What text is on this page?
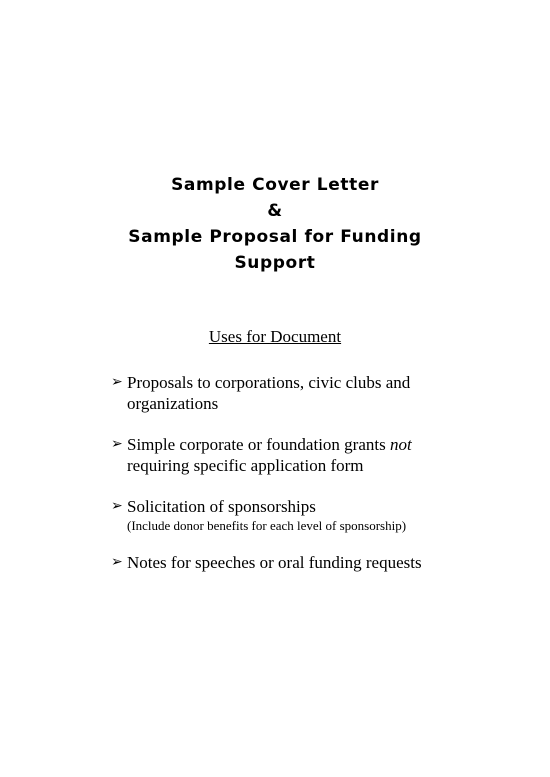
Sample Cover Letter
&
Sample Proposal for Funding
Support
Uses for Document
➢ Proposals to corporations, civic clubs and
organizations
➢ Simple corporate or foundation grants not
requiring specific application form
➢ Solicitation of sponsorships
(Include donor benefits for each level of sponsorship)
➢ Notes for speeches or oral funding requests
